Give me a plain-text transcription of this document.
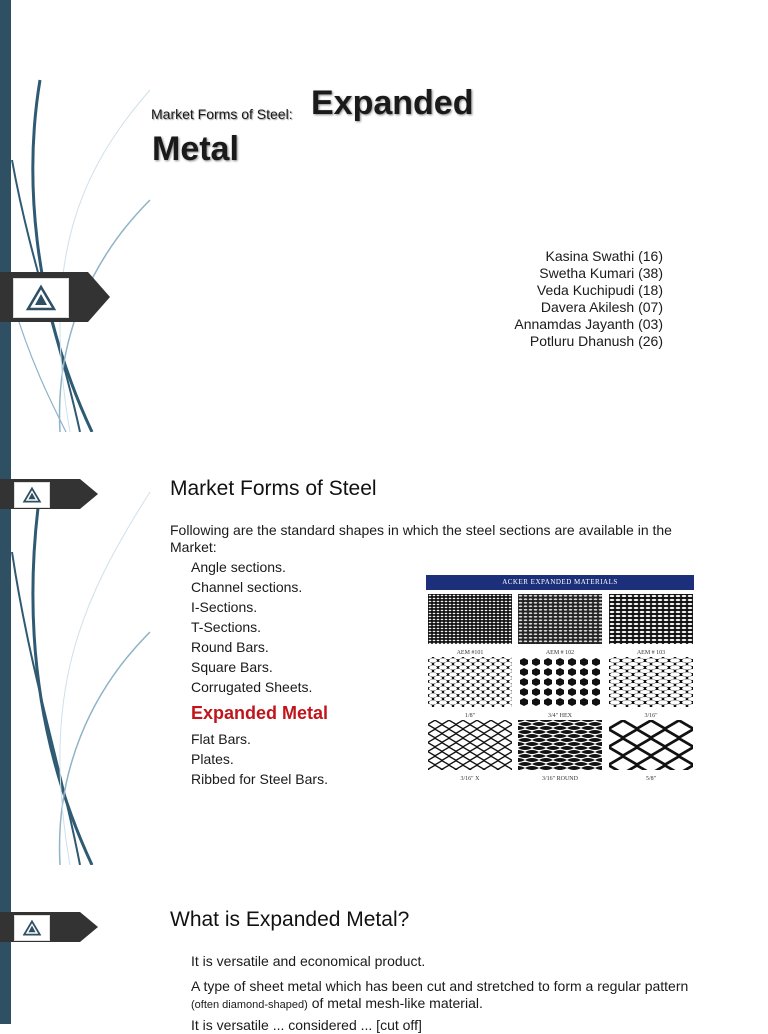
Market Forms of Steel: Expanded
Metal
Kasina Swathi (16)
Swetha Kumari (38)
Veda Kuchipudi (18)
Davera Akilesh (07)
Annamdas Jayanth (03)
Potluru Dhanush (26)
Market Forms of Steel
Following are the standard shapes in which the steel sections are available in the Market:
Angle sections.
Channel sections.
I-Sections.
T-Sections.
Round Bars.
Square Bars.
Corrugated Sheets.
Expanded Metal
Flat Bars.
Plates.
Ribbed for Steel Bars.
ACKER EXPANDED MATERIALS
AEM #101	AEM # 102	AEM # 103
1/8"	3/4" HEX	3/16"
3/16" X	3/16" ROUND	5/8"
What is Expanded Metal?
It is versatile and economical product.
A type of sheet metal which has been cut and stretched to form a regular pattern
(often diamond-shaped) of metal mesh-like material.
It is versatile ... considered ... [cut off]
